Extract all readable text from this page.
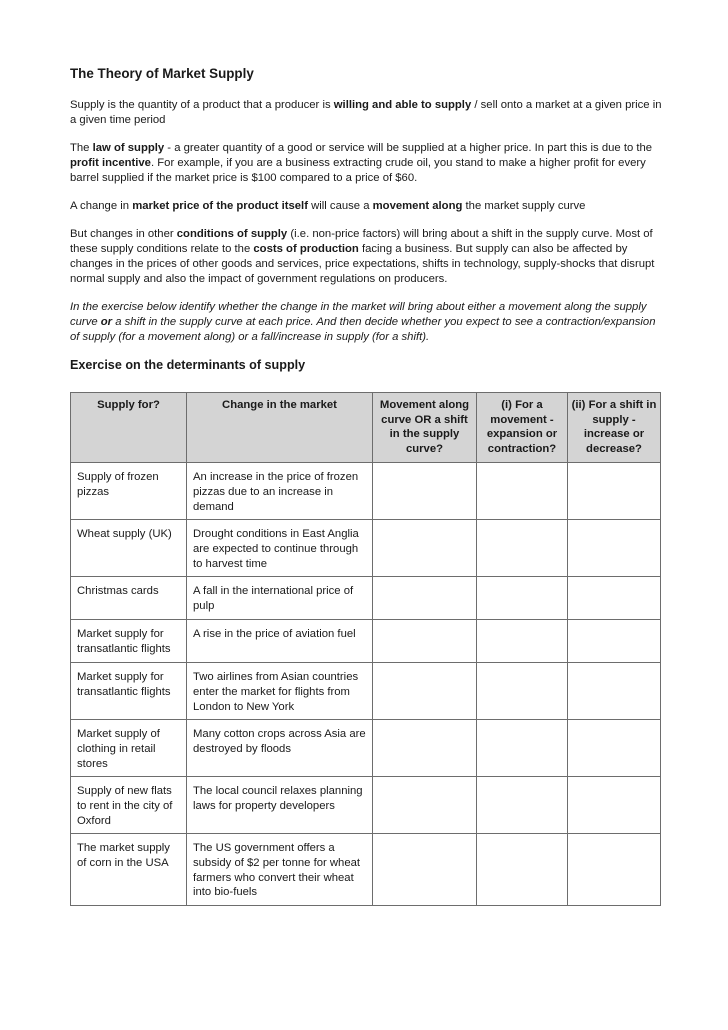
The Theory of Market Supply

Supply is the quantity of a product that a producer is willing and able to supply / sell onto a market at a given price in a given time period

The law of supply - a greater quantity of a good or service will be supplied at a higher price. In part this is due to the profit incentive. For example, if you are a business extracting crude oil, you stand to make a higher profit for every barrel supplied if the market price is $100 compared to a price of $60.

A change in market price of the product itself will cause a movement along the market supply curve

But changes in other conditions of supply (i.e. non-price factors) will bring about a shift in the supply curve. Most of these supply conditions relate to the costs of production facing a business. But supply can also be affected by changes in the prices of other goods and services, price expectations, shifts in technology, supply-shocks that disrupt normal supply and also the impact of government regulations on producers.

In the exercise below identify whether the change in the market will bring about either a movement along the supply curve or a shift in the supply curve at each price. And then decide whether you expect to see a contraction/expansion of supply (for a movement along) or a fall/increase in supply (for a shift).

Exercise on the determinants of supply
Supply for?	Change in the market	Movement along curve OR a shift in the supply curve?	(i) For a movement - expansion or contraction?	(ii) For a shift in supply - increase or decrease?
Supply of frozen pizzas	An increase in the price of frozen pizzas due to an increase in demand			
Wheat supply (UK)	Drought conditions in East Anglia are expected to continue through to harvest time			
Christmas cards	A fall in the international price of pulp			
Market supply for transatlantic flights	A rise in the price of aviation fuel			
Market supply for transatlantic flights	Two airlines from Asian countries enter the market for flights from London to New York			
Market supply of clothing in retail stores	Many cotton crops across Asia are destroyed by floods			
Supply of new flats to rent in the city of Oxford	The local council relaxes planning laws for property developers			
The market supply of corn in the USA	The US government offers a subsidy of $2 per tonne for wheat farmers who convert their wheat into bio-fuels			
